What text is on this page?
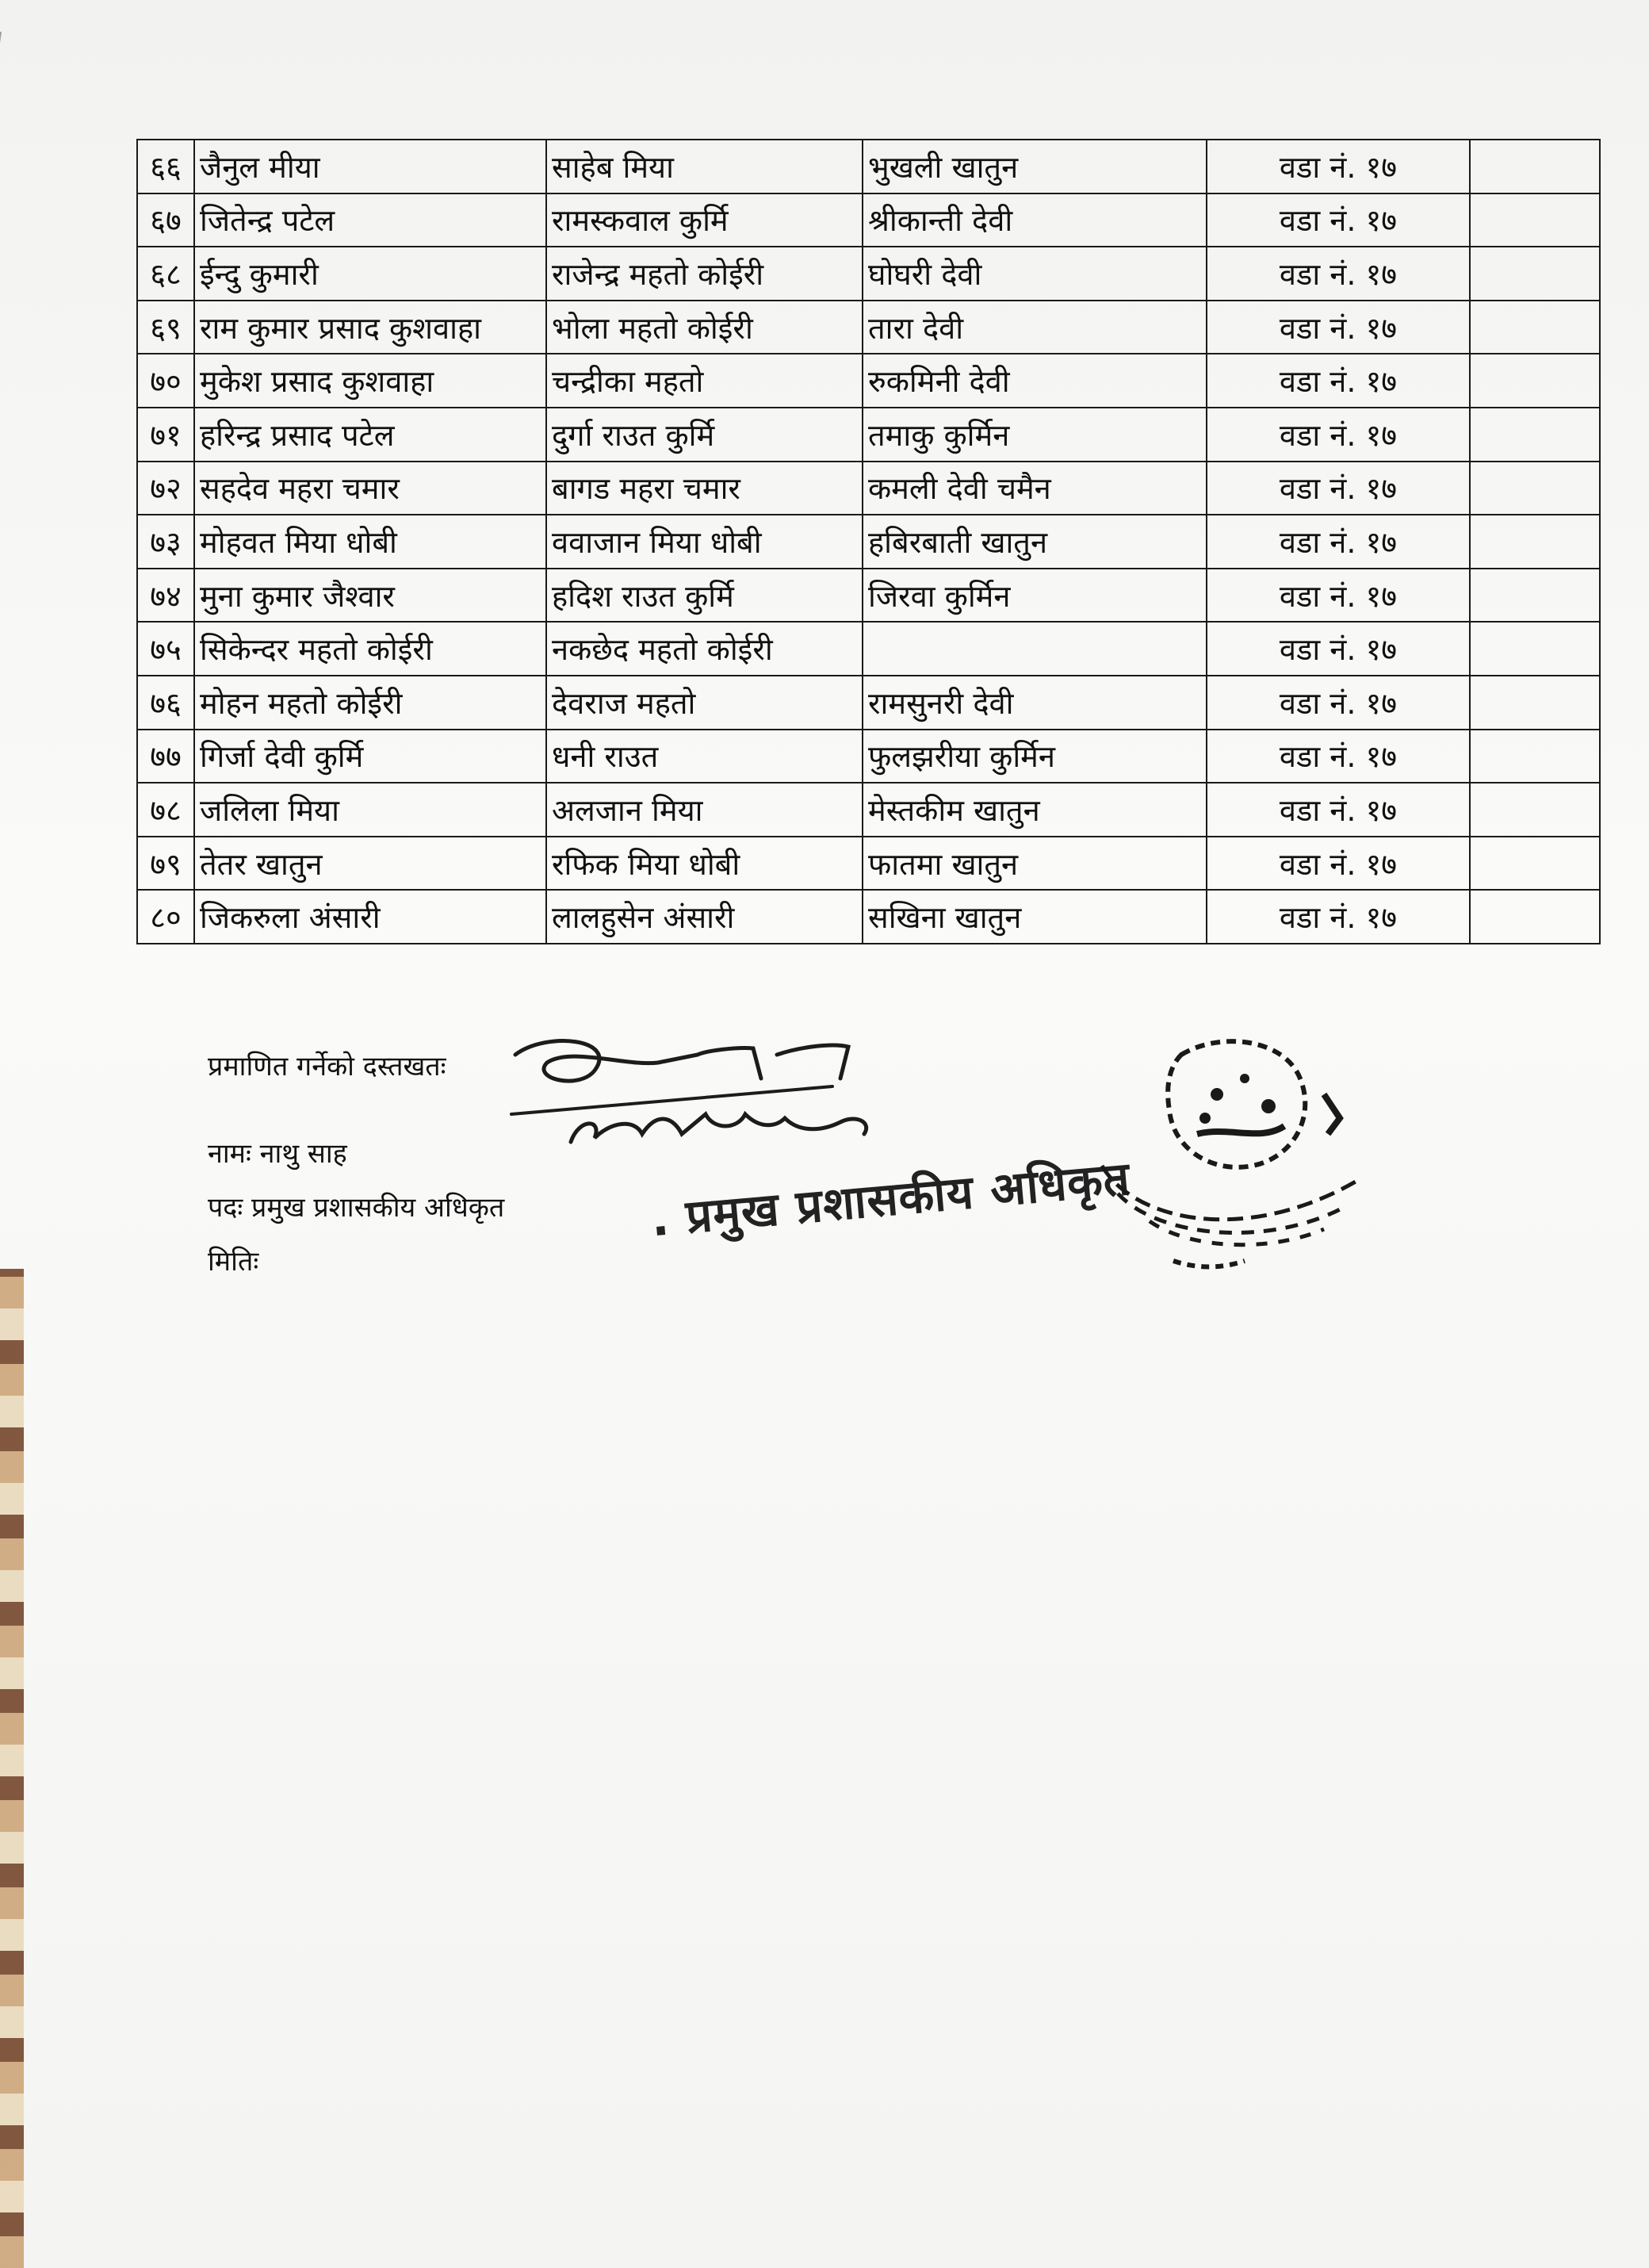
६६	जैनुल मीया	साहेब मिया	भुखली खातुन	वडा नं. १७	
६७	जितेन्द्र पटेल	रामस्कवाल कुर्मि	श्रीकान्ती देवी	वडा नं. १७	
६८	ईन्दु कुमारी	राजेन्द्र महतो कोईरी	घोघरी देवी	वडा नं. १७	
६९	राम कुमार प्रसाद कुशवाहा	भोला महतो कोईरी	तारा देवी	वडा नं. १७	
७०	मुकेश प्रसाद कुशवाहा	चन्द्रीका महतो	रुकमिनी देवी	वडा नं. १७	
७१	हरिन्द्र प्रसाद पटेल	दुर्गा राउत कुर्मि	तमाकु कुर्मिन	वडा नं. १७	
७२	सहदेव महरा चमार	बागड महरा चमार	कमली देवी चमैन	वडा नं. १७	
७३	मोहवत मिया धोबी	ववाजान मिया धोबी	हबिरबाती खातुन	वडा नं. १७	
७४	मुना कुमार जैश्वार	हदिश राउत कुर्मि	जिरवा कुर्मिन	वडा नं. १७	
७५	सिकेन्दर महतो कोईरी	नकछेद महतो कोईरी		वडा नं. १७	
७६	मोहन महतो कोईरी	देवराज महतो	रामसुनरी देवी	वडा नं. १७	
७७	गिर्जा देवी कुर्मि	धनी राउत	फुलझरीया कुर्मिन	वडा नं. १७	
७८	जलिला मिया	अलजान मिया	मेस्तकीम खातुन	वडा नं. १७	
७९	तेतर खातुन	रफिक मिया धोबी	फातमा खातुन	वडा नं. १७	
८०	जिकरुला अंसारी	लालहुसेन अंसारी	सखिना खातुन	वडा नं. १७	
प्रमाणित गर्नेको दस्तखतः
नामः नाथु साह
पदः प्रमुख प्रशासकीय अधिकृत
मितिः
. प्रमुख प्रशासकीय अधिकृत
